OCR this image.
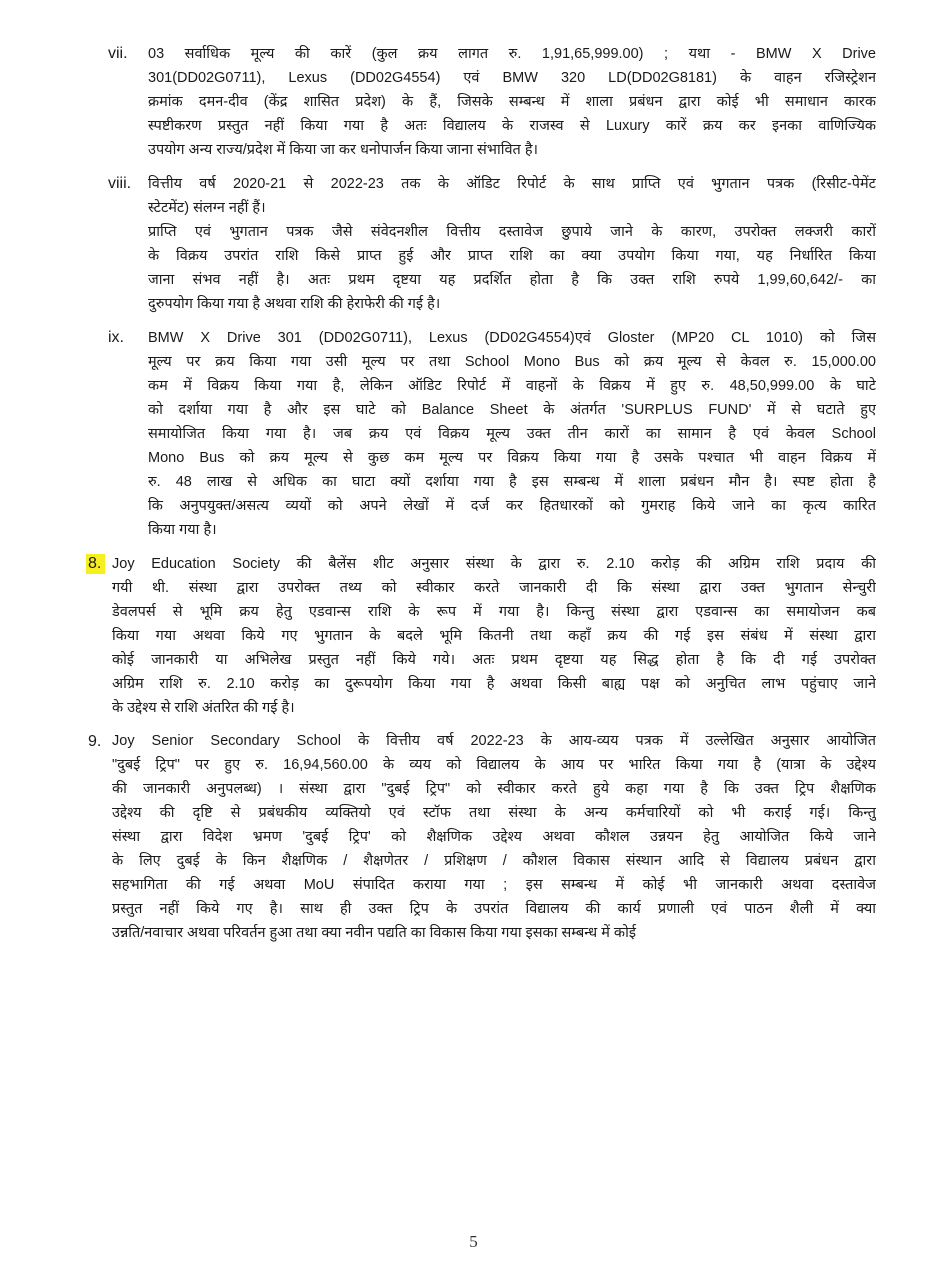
vii. 03 सर्वाधिक मूल्य की कारें (कुल क्रय लागत रु. 1,91,65,999.00) ; यथा - BMW X Drive
301(DD02G0711), Lexus (DD02G4554) एवं BMW 320 LD(DD02G8181) के वाहन रजिस्ट्रेशन
क्रमांक दमन-दीव (केंद्र शासित प्रदेश) के हैं, जिसके सम्बन्ध में शाला प्रबंधन द्वारा कोई भी समाधान कारक
स्पष्टीकरण प्रस्तुत नहीं किया गया है अतः विद्यालय के राजस्व से Luxury कारें क्रय कर इनका वाणिज्यिक
उपयोग अन्य राज्य/प्रदेश में किया जा कर धनोपार्जन किया जाना संभावित है।
viii. वित्तीय वर्ष 2020-21 से 2022-23 तक के ऑडिट रिपोर्ट के साथ प्राप्ति एवं भुगतान पत्रक (रिसीट-पेमेंट
स्टेटमेंट) संलग्न नहीं हैं।
प्राप्ति एवं भुगतान पत्रक जैसे संवेदनशील वित्तीय दस्तावेज छुपाये जाने के कारण, उपरोक्त लक्जरी कारों
के विक्रय उपरांत राशि किसे प्राप्त हुई और प्राप्त राशि का क्या उपयोग किया गया, यह निर्धारित किया
जाना संभव नहीं है। अतः प्रथम दृष्टया यह प्रदर्शित होता है कि उक्त राशि रुपये 1,99,60,642/- का
दुरुपयोग किया गया है अथवा राशि की हेराफेरी की गई है।
ix. BMW X Drive 301 (DD02G0711), Lexus (DD02G4554)एवं Gloster (MP20 CL 1010) को जिस
मूल्य पर क्रय किया गया उसी मूल्य पर तथा School Mono Bus को क्रय मूल्य से केवल रु. 15,000.00
कम में विक्रय किया गया है, लेकिन ऑडिट रिपोर्ट में वाहनों के विक्रय में हुए रु. 48,50,999.00 के घाटे
को दर्शाया गया है और इस घाटे को Balance Sheet के अंतर्गत 'SURPLUS FUND' में से घटाते हुए
समायोजित किया गया है। जब क्रय एवं विक्रय मूल्य उक्त तीन कारों का सामान है एवं केवल School
Mono Bus को क्रय मूल्य से कुछ कम मूल्य पर विक्रय किया गया है उसके पश्चात भी वाहन विक्रय में
रु. 48 लाख से अधिक का घाटा क्यों दर्शाया गया है इस सम्बन्ध में शाला प्रबंधन मौन है। स्पष्ट होता है
कि अनुपयुक्त/असत्य व्ययों को अपने लेखों में दर्ज कर हितधारकों को गुमराह किये जाने का कृत्य कारित
किया गया है।
8. Joy Education Society की बैलेंस शीट अनुसार संस्था के द्वारा रु. 2.10 करोड़ की अग्रिम राशि प्रदाय की
गयी थी. संस्था द्वारा उपरोक्त तथ्य को स्वीकार करते जानकारी दी कि संस्था द्वारा उक्त भुगतान सेन्चुरी
डेवलपर्स से भूमि क्रय हेतु एडवान्स राशि के रूप में गया है। किन्तु संस्था द्वारा एडवान्स का समायोजन कब
किया गया अथवा किये गए भुगतान के बदले भूमि कितनी तथा कहाँ क्रय की गई इस संबंध में संस्था द्वारा
कोई जानकारी या अभिलेख प्रस्तुत नहीं किये गये। अतः प्रथम दृष्टया यह सिद्ध होता है कि दी गई उपरोक्त
अग्रिम राशि रु. 2.10 करोड़ का दुरूपयोग किया गया है अथवा किसी बाह्य पक्ष को अनुचित लाभ पहुंचाए जाने
के उद्देश्य से राशि अंतरित की गई है।
9. Joy Senior Secondary School के वित्तीय वर्ष 2022-23 के आय-व्यय पत्रक में उल्लेखित अनुसार आयोजित
"दुबई ट्रिप" पर हुए रु. 16,94,560.00 के व्यय को विद्यालय के आय पर भारित किया गया है (यात्रा के उद्देश्य
की जानकारी अनुपलब्ध) । संस्था द्वारा "दुबई ट्रिप" को स्वीकार करते हुये कहा गया है कि उक्त ट्रिप शैक्षणिक
उद्देश्य की दृष्टि से प्रबंधकीय व्यक्तियो एवं स्टॉफ तथा संस्था के अन्य कर्मचारियों को भी कराई गई। किन्तु
संस्था द्वारा विदेश भ्रमण 'दुबई ट्रिप' को शैक्षणिक उद्देश्य अथवा कौशल उन्नयन हेतु आयोजित किये जाने
के लिए दुबई के किन शैक्षणिक / शैक्षणेतर / प्रशिक्षण / कौशल विकास संस्थान आदि से विद्यालय प्रबंधन द्वारा
सहभागिता की गई अथवा MoU संपादित कराया गया ; इस सम्बन्ध में कोई भी जानकारी अथवा दस्तावेज
प्रस्तुत नहीं किये गए है। साथ ही उक्त ट्रिप के उपरांत विद्यालय की कार्य प्रणाली एवं पाठन शैली में क्या
उन्नति/नवाचार अथवा परिवर्तन हुआ तथा क्या नवीन पद्यति का विकास किया गया इसका सम्बन्ध में कोई
5
